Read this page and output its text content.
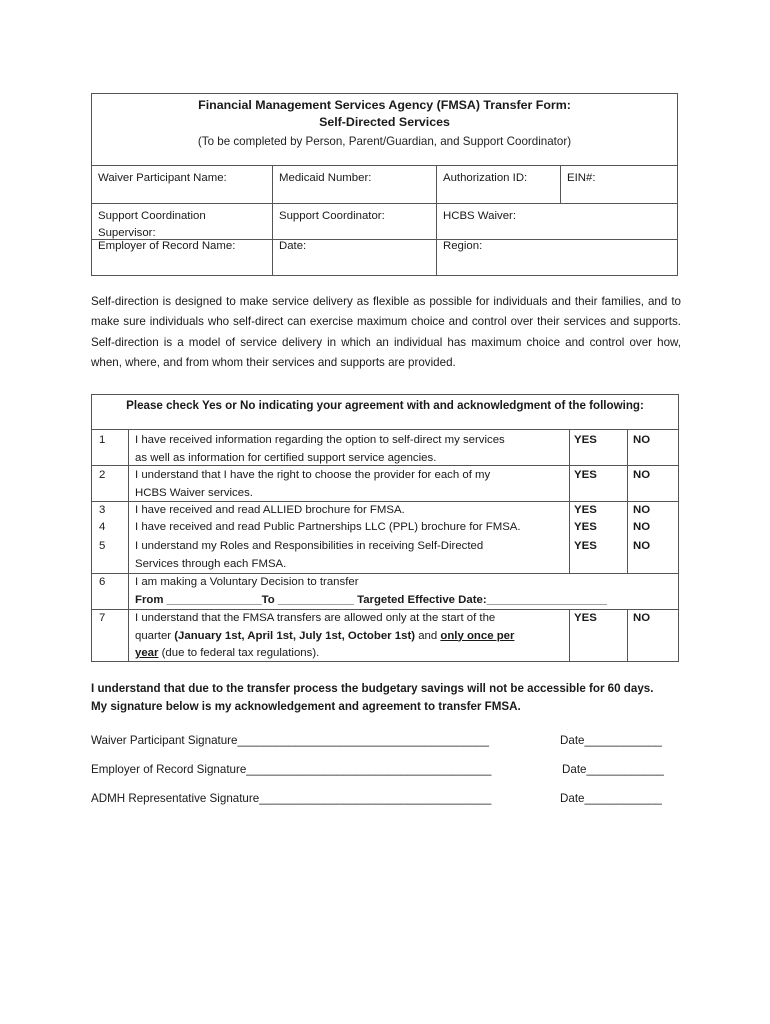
Financial Management Services Agency (FMSA) Transfer Form:
Self-Directed Services
(To be completed by Person, Parent/Guardian, and Support Coordinator)
Waiver Participant Name:	Medicaid Number:	Authorization ID:	EIN#:
Support Coordination
Supervisor:
Support Coordinator:	HCBS Waiver:
Employer of Record Name:	Date:	Region:
Self-direction is designed to make service delivery as flexible as possible for individuals and their families, and to make sure individuals who self-direct can exercise maximum choice and control over their services and supports. Self-direction is a model of service delivery in which an individual has maximum choice and control over how, when, where, and from whom their services and supports are provided.
Please check Yes or No indicating your agreement with and acknowledgment of the following:
1	I have received information regarding the option to self-direct my services
as well as information for certified support service agencies.
YES	NO
2	I understand that I have the right to choose the provider for each of my
HCBS Waiver services.
YES	NO
3	I have received and read ALLIED brochure for FMSA.	YES	NO
4	I have received and read Public Partnerships LLC (PPL) brochure for FMSA.	YES	NO
5	I understand my Roles and Responsibilities in receiving Self-Directed
Services through each FMSA.
YES	NO
6	I am making a Voluntary Decision to transfer
From _______________To ____________ Targeted Effective Date:___________________
7	I understand that the FMSA transfers are allowed only at the start of the
quarter (January 1st, April 1st, July 1st, October 1st) and only once per
year (due to federal tax regulations).
YES	NO
I understand that due to the transfer process the budgetary savings will not be accessible for 60 days.
My signature below is my acknowledgement and agreement to transfer FMSA.
Waiver Participant Signature_______________________________________	Date____________
Employer of Record Signature______________________________________	Date____________
ADMH Representative Signature____________________________________	Date____________
